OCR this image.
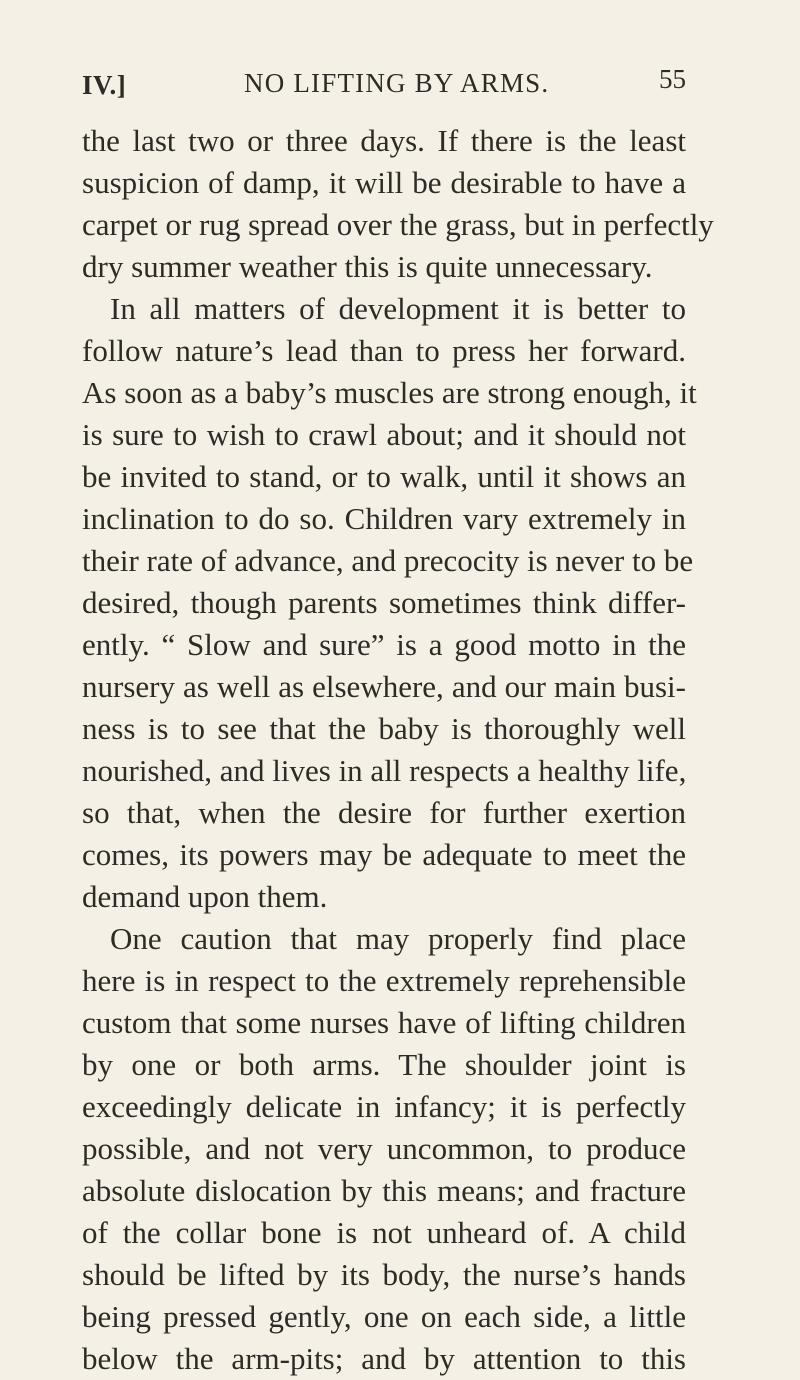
IV.]	NO LIFTING BY ARMS.	55
the last two or three days. If there is the least
suspicion of damp, it will be desirable to have a
carpet or rug spread over the grass, but in perfectly
dry summer weather this is quite unnecessary.
In all matters of development it is better to
follow nature’s lead than to press her forward.
As soon as a baby’s muscles are strong enough, it
is sure to wish to crawl about; and it should not
be invited to stand, or to walk, until it shows an
inclination to do so. Children vary extremely in
their rate of advance, and precocity is never to be
desired, though parents sometimes think differ-
ently. “ Slow and sure” is a good motto in the
nursery as well as elsewhere, and our main busi-
ness is to see that the baby is thoroughly well
nourished, and lives in all respects a healthy life,
so that, when the desire for further exertion
comes, its powers may be adequate to meet the
demand upon them.
One caution that may properly find place
here is in respect to the extremely reprehensible
custom that some nurses have of lifting children
by one or both arms. The shoulder joint is
exceedingly delicate in infancy; it is perfectly
possible, and not very uncommon, to produce
absolute dislocation by this means; and fracture
of the collar bone is not unheard of. A child
should be lifted by its body, the nurse’s hands
being pressed gently, one on each side, a little
below the arm-pits; and by attention to this
